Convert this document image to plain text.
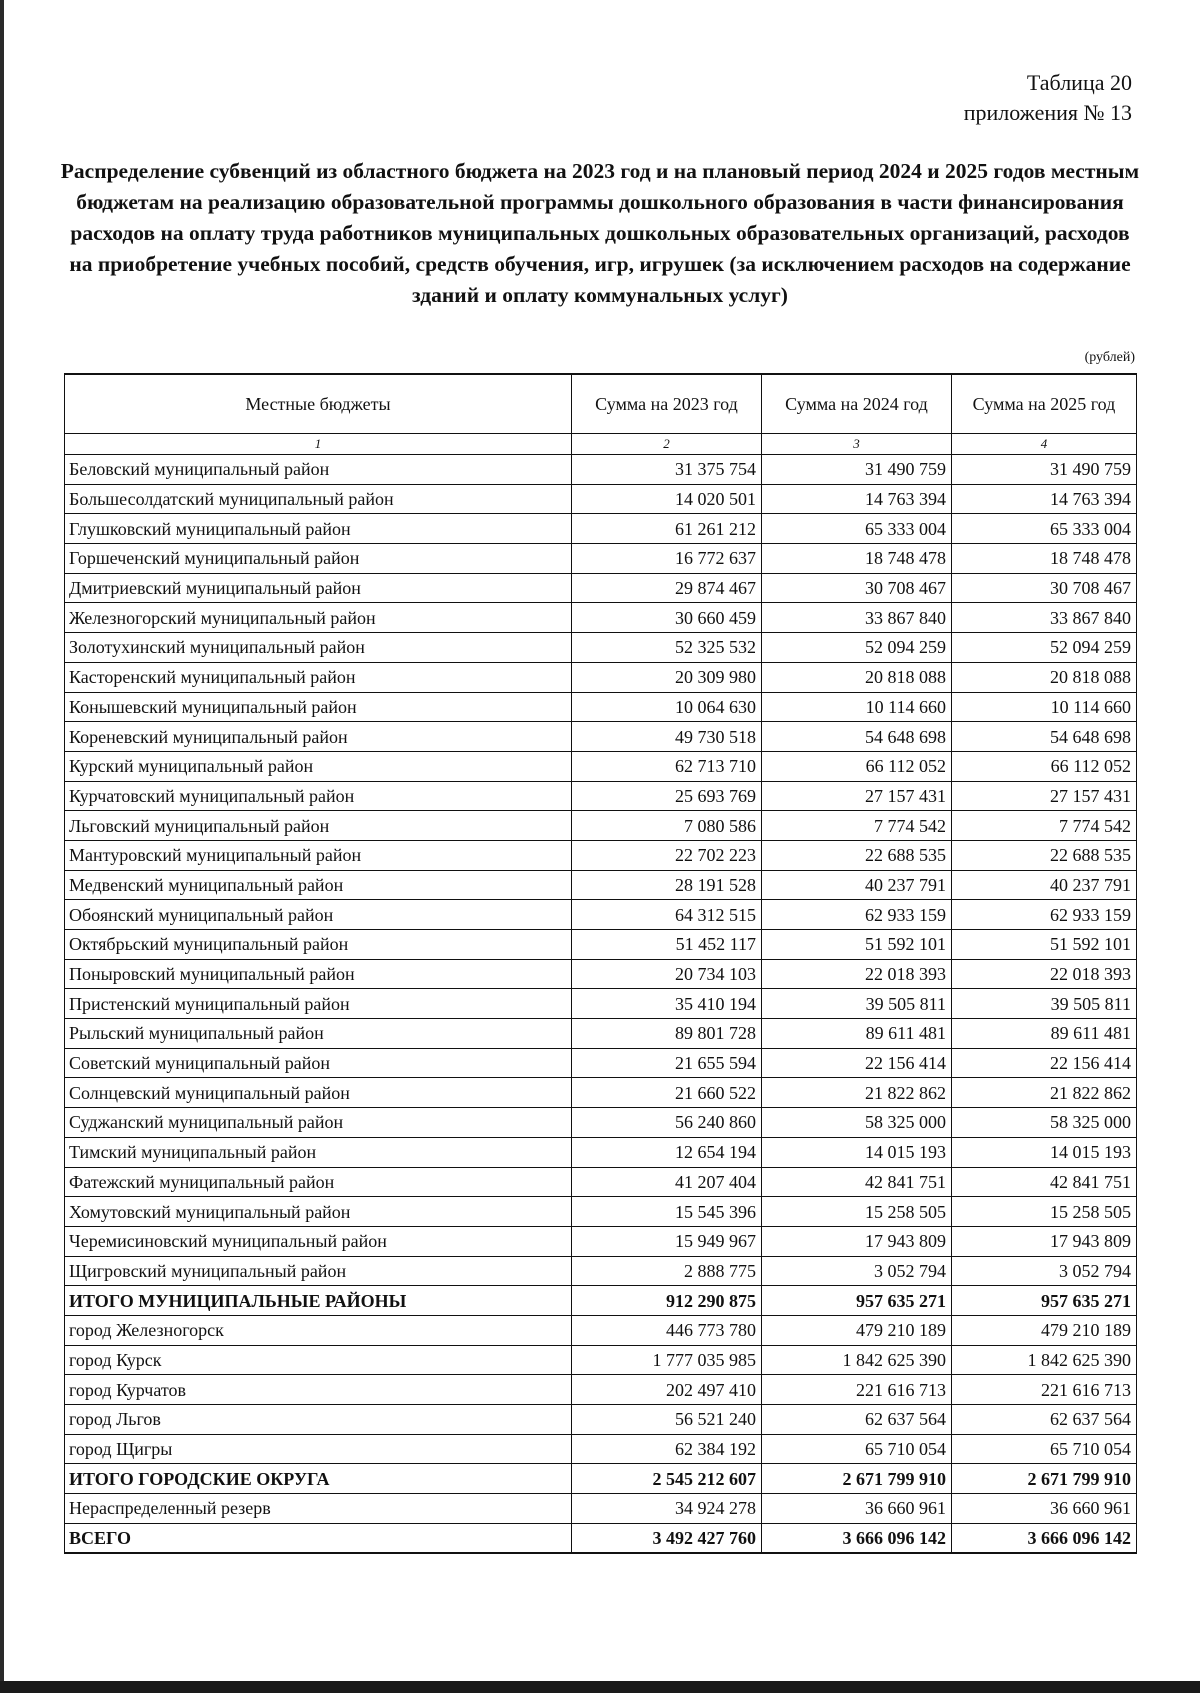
Таблица 20
приложения № 13
Распределение субвенций из областного бюджета на 2023 год и на плановый период 2024 и 2025 годов местным бюджетам на реализацию образовательной программы дошкольного образования в части финансирования расходов на оплату труда работников муниципальных дошкольных образовательных организаций, расходов на приобретение учебных пособий, средств обучения, игр, игрушек (за исключением расходов на содержание зданий и оплату коммунальных услуг)
(рублей)
Местные бюджеты	Сумма на 2023 год	Сумма на 2024 год	Сумма на 2025 год
1	2	3	4
Беловский муниципальный район	31 375 754	31 490 759	31 490 759
Большесолдатский муниципальный район	14 020 501	14 763 394	14 763 394
Глушковский муниципальный район	61 261 212	65 333 004	65 333 004
Горшеченский муниципальный район	16 772 637	18 748 478	18 748 478
Дмитриевский муниципальный район	29 874 467	30 708 467	30 708 467
Железногорский муниципальный район	30 660 459	33 867 840	33 867 840
Золотухинский муниципальный район	52 325 532	52 094 259	52 094 259
Касторенский муниципальный район	20 309 980	20 818 088	20 818 088
Конышевский муниципальный район	10 064 630	10 114 660	10 114 660
Кореневский муниципальный район	49 730 518	54 648 698	54 648 698
Курский муниципальный район	62 713 710	66 112 052	66 112 052
Курчатовский муниципальный район	25 693 769	27 157 431	27 157 431
Льговский муниципальный район	7 080 586	7 774 542	7 774 542
Мантуровский муниципальный район	22 702 223	22 688 535	22 688 535
Медвенский муниципальный район	28 191 528	40 237 791	40 237 791
Обоянский муниципальный район	64 312 515	62 933 159	62 933 159
Октябрьский муниципальный район	51 452 117	51 592 101	51 592 101
Поныровский муниципальный район	20 734 103	22 018 393	22 018 393
Пристенский муниципальный район	35 410 194	39 505 811	39 505 811
Рыльский муниципальный район	89 801 728	89 611 481	89 611 481
Советский муниципальный район	21 655 594	22 156 414	22 156 414
Солнцевский муниципальный район	21 660 522	21 822 862	21 822 862
Суджанский муниципальный район	56 240 860	58 325 000	58 325 000
Тимский муниципальный район	12 654 194	14 015 193	14 015 193
Фатежский муниципальный район	41 207 404	42 841 751	42 841 751
Хомутовский муниципальный район	15 545 396	15 258 505	15 258 505
Черемисиновский муниципальный район	15 949 967	17 943 809	17 943 809
Щигровский муниципальный район	2 888 775	3 052 794	3 052 794
ИТОГО МУНИЦИПАЛЬНЫЕ РАЙОНЫ	912 290 875	957 635 271	957 635 271
город Железногорск	446 773 780	479 210 189	479 210 189
город Курск	1 777 035 985	1 842 625 390	1 842 625 390
город Курчатов	202 497 410	221 616 713	221 616 713
город Льгов	56 521 240	62 637 564	62 637 564
город Щигры	62 384 192	65 710 054	65 710 054
ИТОГО ГОРОДСКИЕ ОКРУГА	2 545 212 607	2 671 799 910	2 671 799 910
Нераспределенный резерв	34 924 278	36 660 961	36 660 961
ВСЕГО	3 492 427 760	3 666 096 142	3 666 096 142
